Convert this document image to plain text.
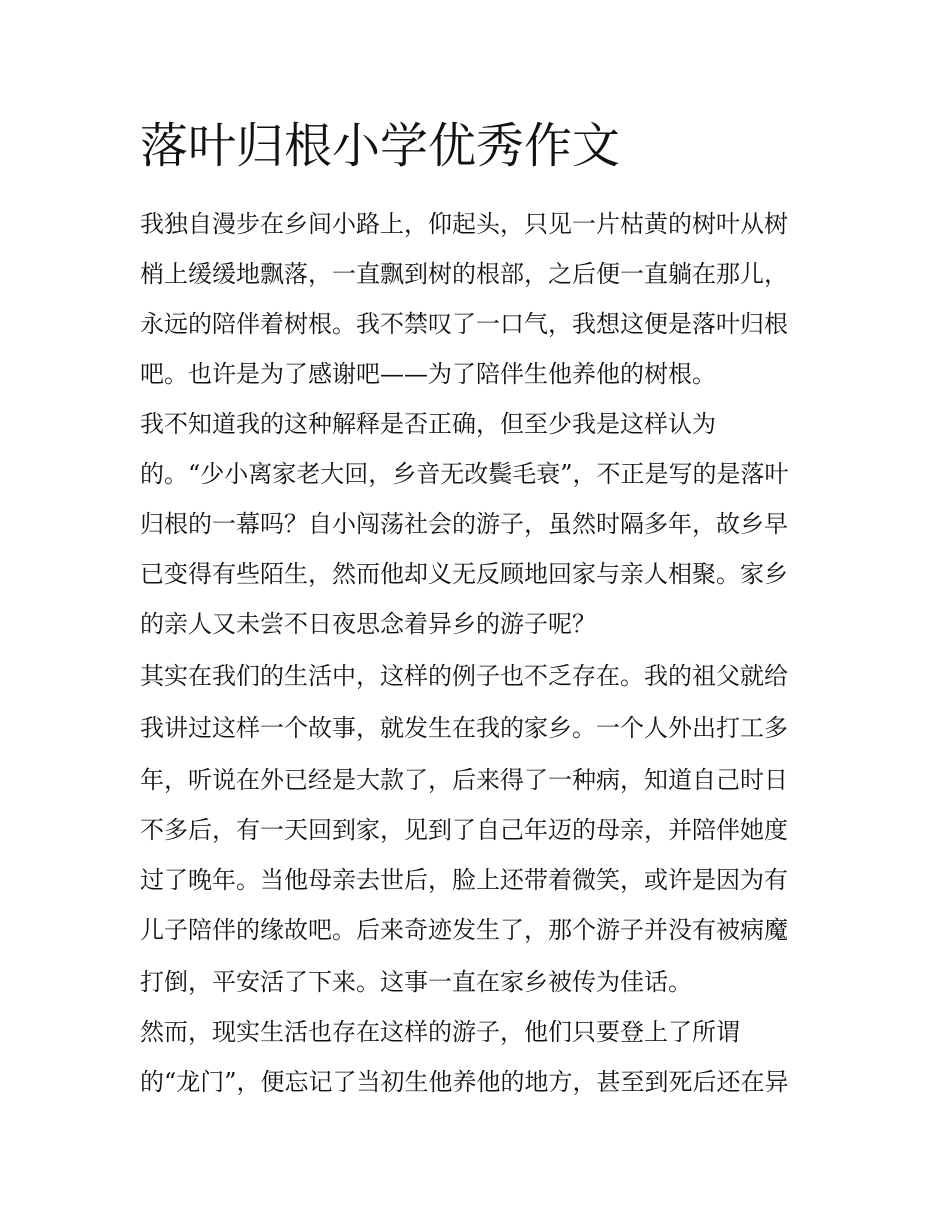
落叶归根小学优秀作文
我独自漫步在乡间小路上，仰起头，只见一片枯黄的树叶从树
梢上缓缓地飘落，一直飘到树的根部，之后便一直躺在那儿，
永远的陪伴着树根。我不禁叹了一口气，我想这便是落叶归根
吧。也许是为了感谢吧——为了陪伴生他养他的树根。
我不知道我的这种解释是否正确，但至少我是这样认为
的。“少小离家老大回，乡音无改鬓毛衰”，不正是写的是落叶
归根的一幕吗？自小闯荡社会的游子，虽然时隔多年，故乡早
已变得有些陌生，然而他却义无反顾地回家与亲人相聚。家乡
的亲人又未尝不日夜思念着异乡的游子呢？
其实在我们的生活中，这样的例子也不乏存在。我的祖父就给
我讲过这样一个故事，就发生在我的家乡。一个人外出打工多
年，听说在外已经是大款了，后来得了一种病，知道自己时日
不多后，有一天回到家，见到了自己年迈的母亲，并陪伴她度
过了晚年。当他母亲去世后，脸上还带着微笑，或许是因为有
儿子陪伴的缘故吧。后来奇迹发生了，那个游子并没有被病魔
打倒，平安活了下来。这事一直在家乡被传为佳话。
然而，现实生活也存在这样的游子，他们只要登上了所谓
的“龙门”，便忘记了当初生他养他的地方，甚至到死后还在异
